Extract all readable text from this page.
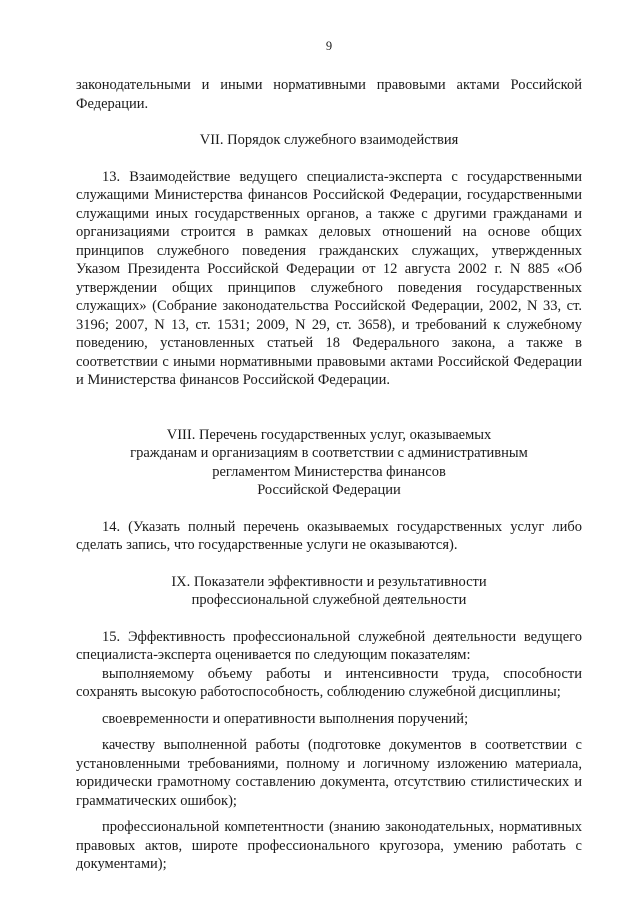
9

законодательными и иными нормативными правовыми актами Российской Федерации.

VII. Порядок служебного взаимодействия

13. Взаимодействие ведущего специалиста-эксперта с государственными служащими Министерства финансов Российской Федерации, государственными служащими иных государственных органов, а также с другими гражданами и организациями строится в рамках деловых отношений на основе общих принципов служебного поведения гражданских служащих, утвержденных Указом Президента Российской Федерации от 12 августа 2002 г. N 885 «Об утверждении общих принципов служебного поведения государственных служащих» (Собрание законодательства Российской Федерации, 2002, N 33, ст. 3196; 2007, N 13, ст. 1531; 2009, N 29, ст. 3658), и требований к служебному поведению, установленных статьей 18 Федерального закона, а также в соответствии с иными нормативными правовыми актами Российской Федерации и Министерства финансов Российской Федерации.

VIII. Перечень государственных услуг, оказываемых
гражданам и организациям в соответствии с административным
регламентом Министерства финансов
Российской Федерации

14. (Указать полный перечень оказываемых государственных услуг либо сделать запись, что государственные услуги не оказываются).

IX. Показатели эффективности и результативности
профессиональной служебной деятельности

15. Эффективность профессиональной служебной деятельности ведущего специалиста-эксперта оценивается по следующим показателям:

выполняемому объему работы и интенсивности труда, способности сохранять высокую работоспособность, соблюдению служебной дисциплины;

своевременности и оперативности выполнения поручений;

качеству выполненной работы (подготовке документов в соответствии с установленными требованиями, полному и логичному изложению материала, юридически грамотному составлению документа, отсутствию стилистических и грамматических ошибок);

профессиональной компетентности (знанию законодательных, нормативных правовых актов, широте профессионального кругозора, умению работать с документами);
